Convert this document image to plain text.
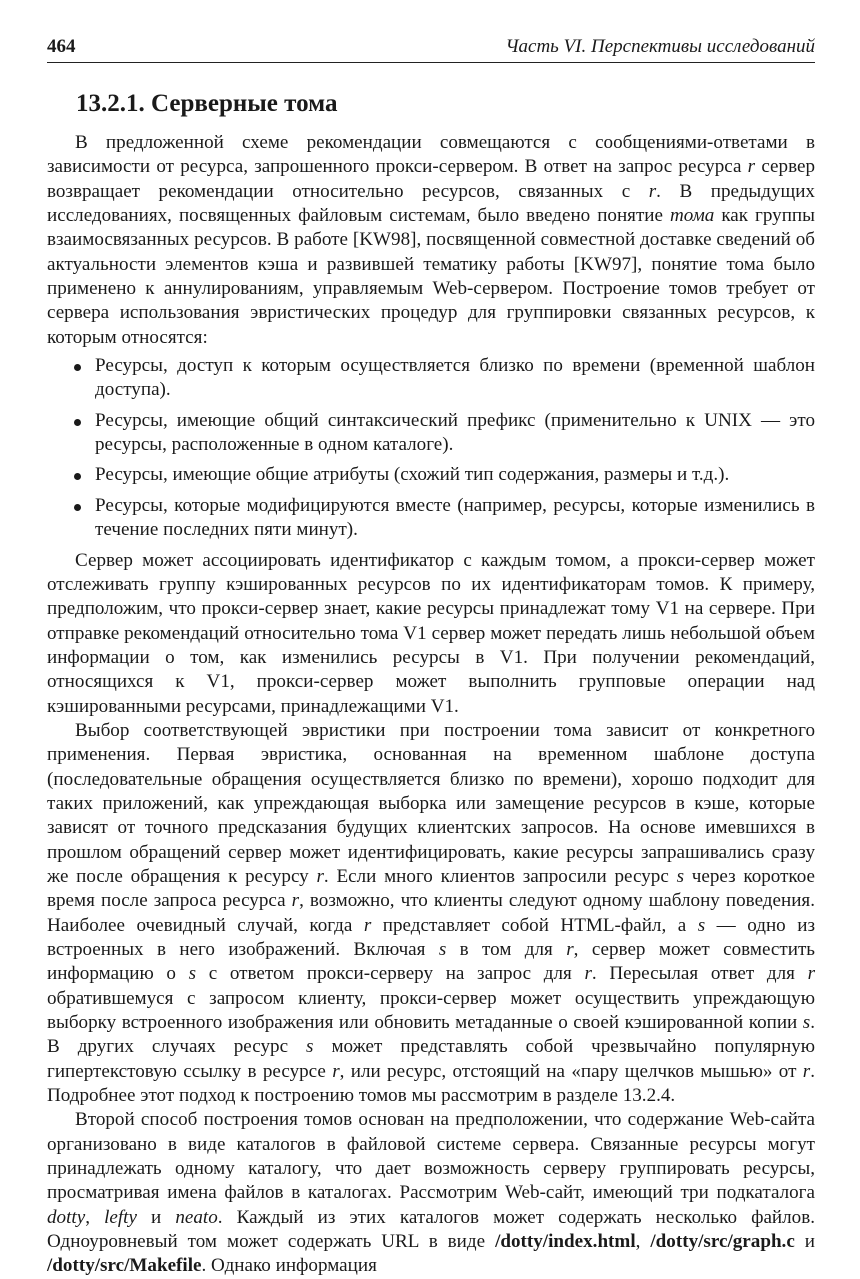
464	Часть VI. Перспективы исследований
13.2.1. Серверные тома

В предложенной схеме рекомендации совмещаются с сообщениями-ответами в зависимости от ресурса, запрошенного прокси-сервером. В ответ на запрос ресурса r сервер возвращает рекомендации относительно ресурсов, связанных с r. В предыдущих исследованиях, посвященных файловым системам, было введено понятие тома как группы взаимосвязанных ресурсов. В работе [KW98], посвященной совместной доставке сведений об актуальности элементов кэша и развившей тематику работы [KW97], понятие тома было применено к аннулированиям, управляемым Web-сервером. Построение томов требует от сервера использования эвристических процедур для группировки связанных ресурсов, к которым относятся:

Ресурсы, доступ к которым осуществляется близко по времени (временной шаблон доступа).
Ресурсы, имеющие общий синтаксический префикс (применительно к UNIX — это ресурсы, расположенные в одном каталоге).
Ресурсы, имеющие общие атрибуты (схожий тип содержания, размеры и т.д.).
Ресурсы, которые модифицируются вместе (например, ресурсы, которые изменились в течение последних пяти минут).

Сервер может ассоциировать идентификатор с каждым томом, а прокси-сервер может отслеживать группу кэшированных ресурсов по их идентификаторам томов. К примеру, предположим, что прокси-сервер знает, какие ресурсы принадлежат тому V1 на сервере. При отправке рекомендаций относительно тома V1 сервер может передать лишь небольшой объем информации о том, как изменились ресурсы в V1. При получении рекомендаций, относящихся к V1, прокси-сервер может выполнить групповые операции над кэшированными ресурсами, принадлежащими V1.

Выбор соответствующей эвристики при построении тома зависит от конкретного применения. Первая эвристика, основанная на временном шаблоне доступа (последовательные обращения осуществляется близко по времени), хорошо подходит для таких приложений, как упреждающая выборка или замещение ресурсов в кэше, которые зависят от точного предсказания будущих клиентских запросов. На основе имевшихся в прошлом обращений сервер может идентифицировать, какие ресурсы запрашивались сразу же после обращения к ресурсу r. Если много клиентов запросили ресурс s через короткое время после запроса ресурса r, возможно, что клиенты следуют одному шаблону поведения. Наиболее очевидный случай, когда r представляет собой HTML-файл, а s — одно из встроенных в него изображений. Включая s в том для r, сервер может совместить информацию о s с ответом прокси-серверу на запрос для r. Пересылая ответ для r обратившемуся с запросом клиенту, прокси-сервер может осуществить упреждающую выборку встроенного изображения или обновить метаданные о своей кэшированной копии s. В других случаях ресурс s может представлять собой чрезвычайно популярную гипертекстовую ссылку в ресурсе r, или ресурс, отстоящий на «пару щелчков мышью» от r. Подробнее этот подход к построению томов мы рассмотрим в разделе 13.2.4.

Второй способ построения томов основан на предположении, что содержание Web-сайта организовано в виде каталогов в файловой системе сервера. Связанные ресурсы могут принадлежать одному каталогу, что дает возможность серверу группировать ресурсы, просматривая имена файлов в каталогах. Рассмотрим Web-сайт, имеющий три подкаталога dotty, lefty и neato. Каждый из этих каталогов может содержать несколько файлов. Одноуровневый том может содержать URL в виде /dotty/index.html, /dotty/src/graph.c и /dotty/src/Makefile. Однако информация
